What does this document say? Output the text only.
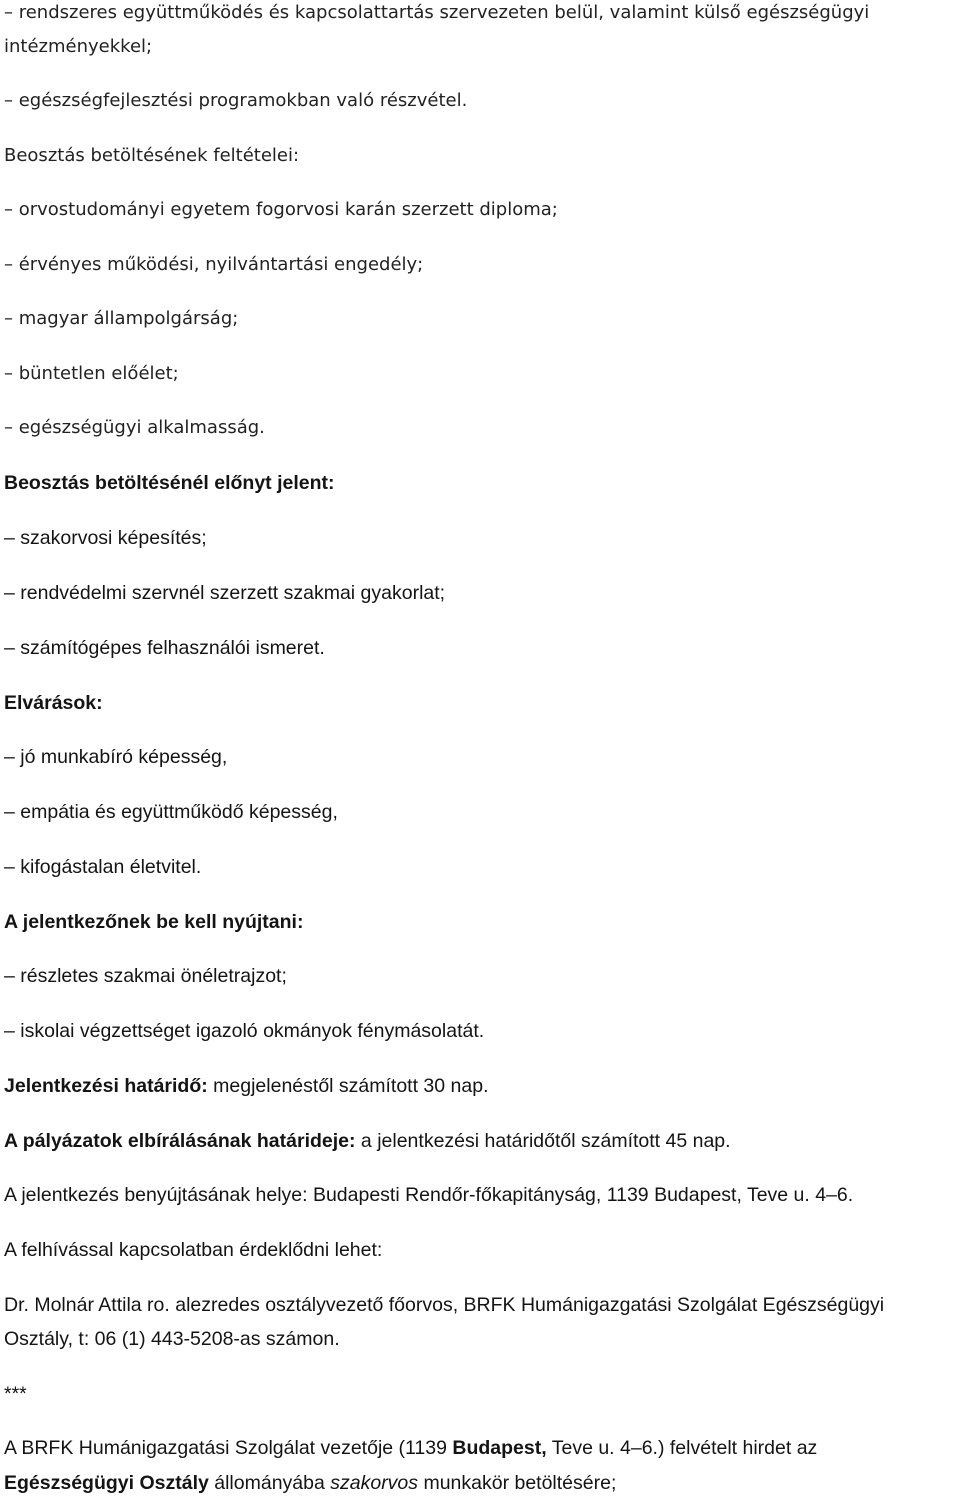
– rendszeres együttműködés és kapcsolattartás szervezeten belül, valamint külső egészségügyi
intézményekkel;
– egészségfejlesztési programokban való részvétel.
Beosztás betöltésének feltételei:
– orvostudományi egyetem fogorvosi karán szerzett diploma;
– érvényes működési, nyilvántartási engedély;
– magyar állampolgárság;
– büntetlen előélet;
– egészségügyi alkalmasság.
Beosztás betöltésénél előnyt jelent:
– szakorvosi képesítés;
– rendvédelmi szervnél szerzett szakmai gyakorlat;
– számítógépes felhasználói ismeret.
Elvárások:
– jó munkabíró képesség,
– empátia és együttműködő képesség,
– kifogástalan életvitel.
A jelentkezőnek be kell nyújtani:
– részletes szakmai önéletrajzot;
– iskolai végzettséget igazoló okmányok fénymásolatát.
Jelentkezési határidő: megjelenéstől számított 30 nap.
A pályázatok elbírálásának határideje: a jelentkezési határidőtől számított 45 nap.
A jelentkezés benyújtásának helye: Budapesti Rendőr-főkapitányság, 1139 Budapest, Teve u. 4–6.
A felhívással kapcsolatban érdeklődni lehet:
Dr. Molnár Attila ro. alezredes osztályvezető főorvos, BRFK Humánigazgatási Szolgálat Egészségügyi
Osztály, t: 06 (1) 443-5208-as számon.
***
A BRFK Humánigazgatási Szolgálat vezetője (1139 Budapest, Teve u. 4–6.) felvételt hirdet az
Egészségügyi Osztály állományába szakorvos munkakör betöltésére;
